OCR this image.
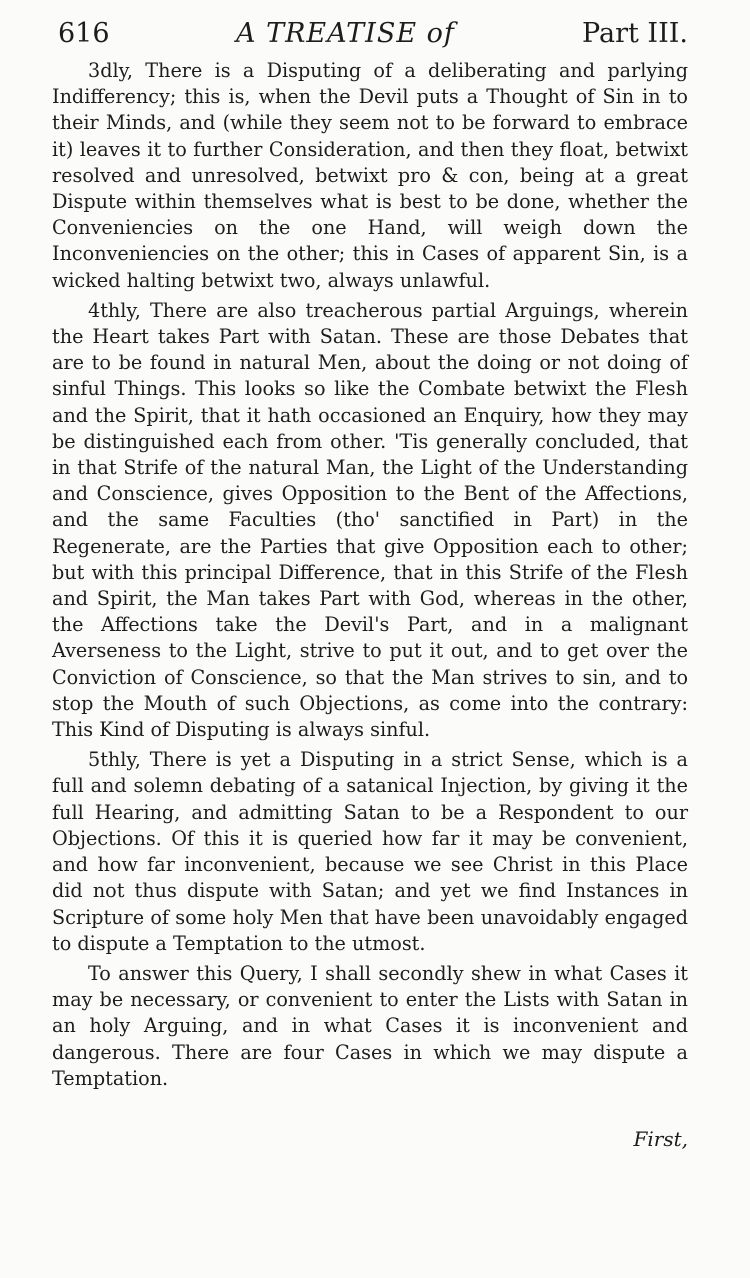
616	A TREATISE of	Part III.

3dly, There is a Disputing of a deliberating and parlying Indifferency; this is, when the Devil puts a Thought of Sin in to their Minds, and (while they seem not to be forward to embrace it) leaves it to further Consideration, and then they float, betwixt resolved and unresolved, betwixt pro & con, being at a great Dispute within themselves what is best to be done, whether the Conveniencies on the one Hand, will weigh down the Inconveniencies on the other; this in Cases of apparent Sin, is a wicked halting betwixt two, always unlawful.

4thly, There are also treacherous partial Arguings, wherein the Heart takes Part with Satan. These are those Debates that are to be found in natural Men, about the doing or not doing of sinful Things. This looks so like the Combate betwixt the Flesh and the Spirit, that it hath occasioned an Enquiry, how they may be distinguished each from other. 'Tis generally concluded, that in that Strife of the natural Man, the Light of the Understanding and Conscience, gives Opposition to the Bent of the Affections, and the same Faculties (tho' sanctified in Part) in the Regenerate, are the Parties that give Opposition each to other; but with this principal Difference, that in this Strife of the Flesh and Spirit, the Man takes Part with God, whereas in the other, the Affections take the Devil's Part, and in a malignant Averseness to the Light, strive to put it out, and to get over the Conviction of Conscience, so that the Man strives to sin, and to stop the Mouth of such Objections, as come into the contrary: This Kind of Disputing is always sinful.

5thly, There is yet a Disputing in a strict Sense, which is a full and solemn debating of a satanical Injection, by giving it the full Hearing, and admitting Satan to be a Respondent to our Objections. Of this it is queried how far it may be convenient, and how far inconvenient, because we see Christ in this Place did not thus dispute with Satan; and yet we find Instances in Scripture of some holy Men that have been unavoidably engaged to dispute a Temptation to the utmost.

To answer this Query, I shall secondly shew in what Cases it may be necessary, or convenient to enter the Lists with Satan in an holy Arguing, and in what Cases it is inconvenient and dangerous. There are four Cases in which we may dispute a Temptation.

First,
